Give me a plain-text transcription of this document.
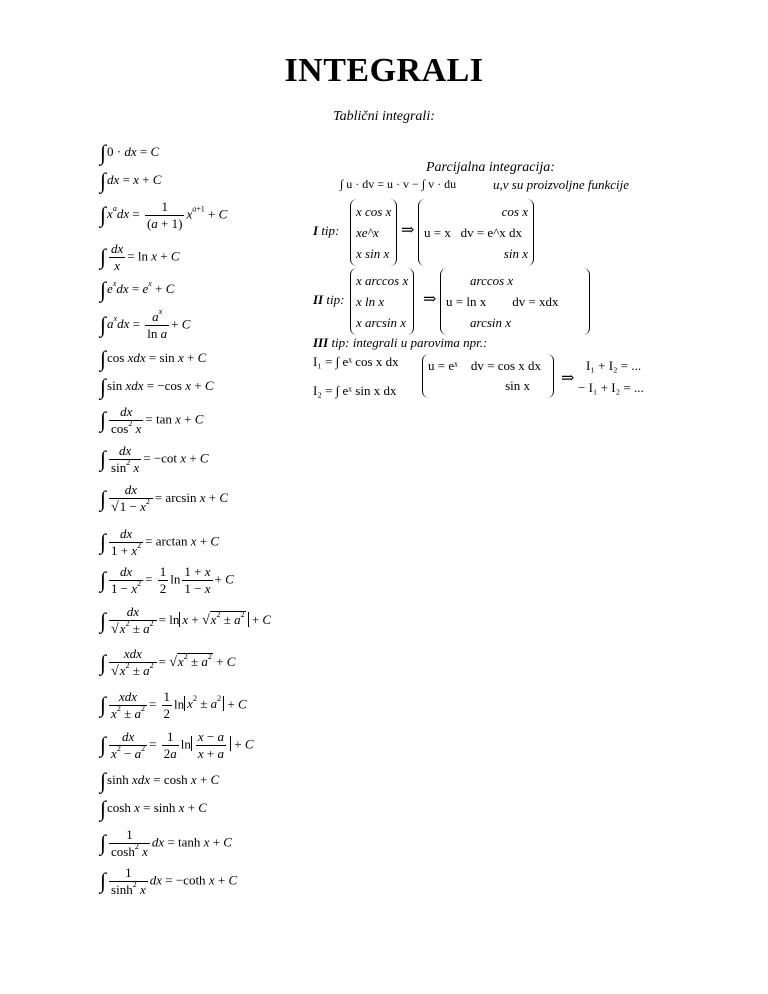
INTEGRALI
Tablični integrali:
∫0 · dx = C
∫dx = x + C
$\int x^adx = \frac{1}{(a + 1)} x^{a+1} + C$
∫ $\frac{dx}{x} = \ln x + C$
$\int e^xdx = e^x + C$
$\int a^xdx = \frac{a^x}{\text{ln a}} + C$
∫cos xdx = sin x + C
∫sin xdx = −cos x + C
∫ $\frac{dx}{\cos^2 x} = \tan x + C$
∫ $\frac{dx}{\sin^2 x} = -\cot$ x + C
∫ $\frac{dx}{√1 - x^2} = \arcsin x + C$
∫ $\frac{dx}{1 + x^2} = \arctan x + C$
∫ $\frac{dx}{1 - x^2} = \frac{1}{2}$ $\ln \frac{1 + x}{1 - x} + C$
∫ $\frac{dx}{√x^2 \pm a^2} = \ln x + √x^2 \pm a^2 + C$
∫ $\frac{\text{xdx}}{√x^2 \pm a^2} = √x^2 \pm a^2 + C$
∫ $\frac{\text{xdx}}{x^2 \pm a^2} = \frac{1}{2}$ $\ln x^2 \pm a^2 + C$
∫ $\frac{dx}{x^2 - a^2} = \frac{1}{2a}$ $\ln \frac{x - a}{x + a} + C$
∫sinh xdx = cosh x + C
∫cosh x = sinh x + C
∫ $\frac{1}{\cosh^2 x}$ dx = tanh x + C
∫ $\frac{1}{\sinh^2 x}$ dx = −coth x + C
Parcijalna integracija:
∫ u · dv = u · v − ∫ v · du	u,v su proizvoljne funkcije
I tip:
x cos x
xe^x
x sin x
⇒
cos x
u = x dv = e^x dx
sin x
II tip:
x arccos x
x ln x
x arcsin x
⇒
arccos x
u = ln x dv = xdx
arcsin x
III tip: integrali u parovima npr.:
I₁ = ∫ eˣ cos x dx
I₂ = ∫ eˣ sin x dx
u = eˣ dv = cos x dx
sin x	⇒
I₁ + I₂ = ...
− I₁ + I₂ = ...
